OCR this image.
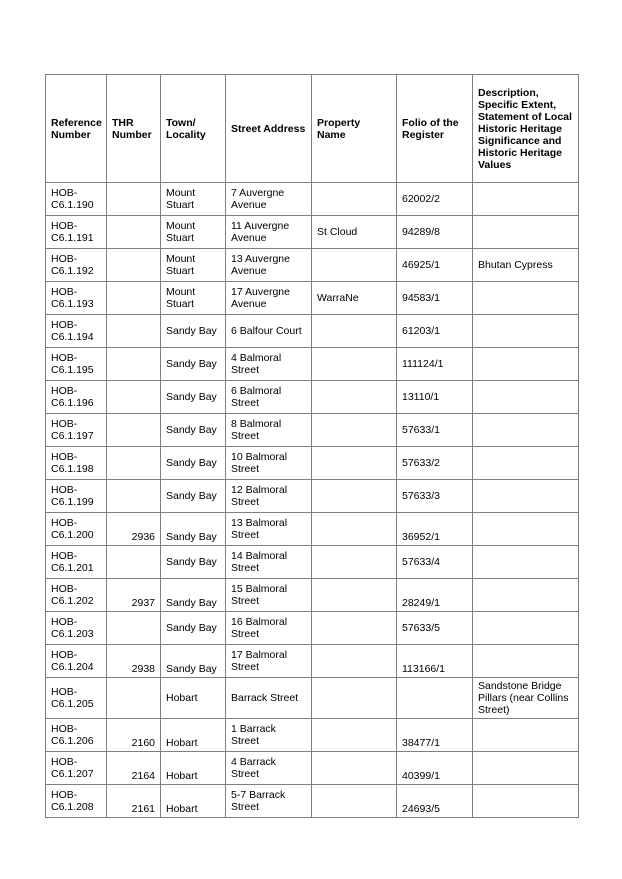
Reference Number	THR Number	Town/ Locality	Street Address	Property Name	Folio of the Register	Description, Specific Extent, Statement of Local Historic Heritage Significance and Historic Heritage Values
HOB-C6.1.190		Mount Stuart	7 Auvergne Avenue		62002/2	
HOB-C6.1.191		Mount Stuart	11 Auvergne Avenue	St Cloud	94289/8	
HOB-C6.1.192		Mount Stuart	13 Auvergne Avenue		46925/1	Bhutan Cypress
HOB-C6.1.193		Mount Stuart	17 Auvergne Avenue	WarraNe	94583/1	
HOB-C6.1.194		Sandy Bay	6 Balfour Court		61203/1	
HOB-C6.1.195		Sandy Bay	4 Balmoral Street		111124/1	
HOB-C6.1.196		Sandy Bay	6 Balmoral Street		13110/1	
HOB-C6.1.197		Sandy Bay	8 Balmoral Street		57633/1	
HOB-C6.1.198		Sandy Bay	10 Balmoral Street		57633/2	
HOB-C6.1.199		Sandy Bay	12 Balmoral Street		57633/3	
HOB-C6.1.200	2936	Sandy Bay	13 Balmoral Street		36952/1	
HOB-C6.1.201		Sandy Bay	14 Balmoral Street		57633/4	
HOB-C6.1.202	2937	Sandy Bay	15 Balmoral Street		28249/1	
HOB-C6.1.203		Sandy Bay	16 Balmoral Street		57633/5	
HOB-C6.1.204	2938	Sandy Bay	17 Balmoral Street		113166/1	
HOB-C6.1.205		Hobart	Barrack Street			Sandstone Bridge Pillars (near Collins Street)
HOB-C6.1.206	2160	Hobart	1 Barrack Street		38477/1	
HOB-C6.1.207	2164	Hobart	4 Barrack Street		40399/1	
HOB-C6.1.208	2161	Hobart	5-7 Barrack Street		24693/5	
